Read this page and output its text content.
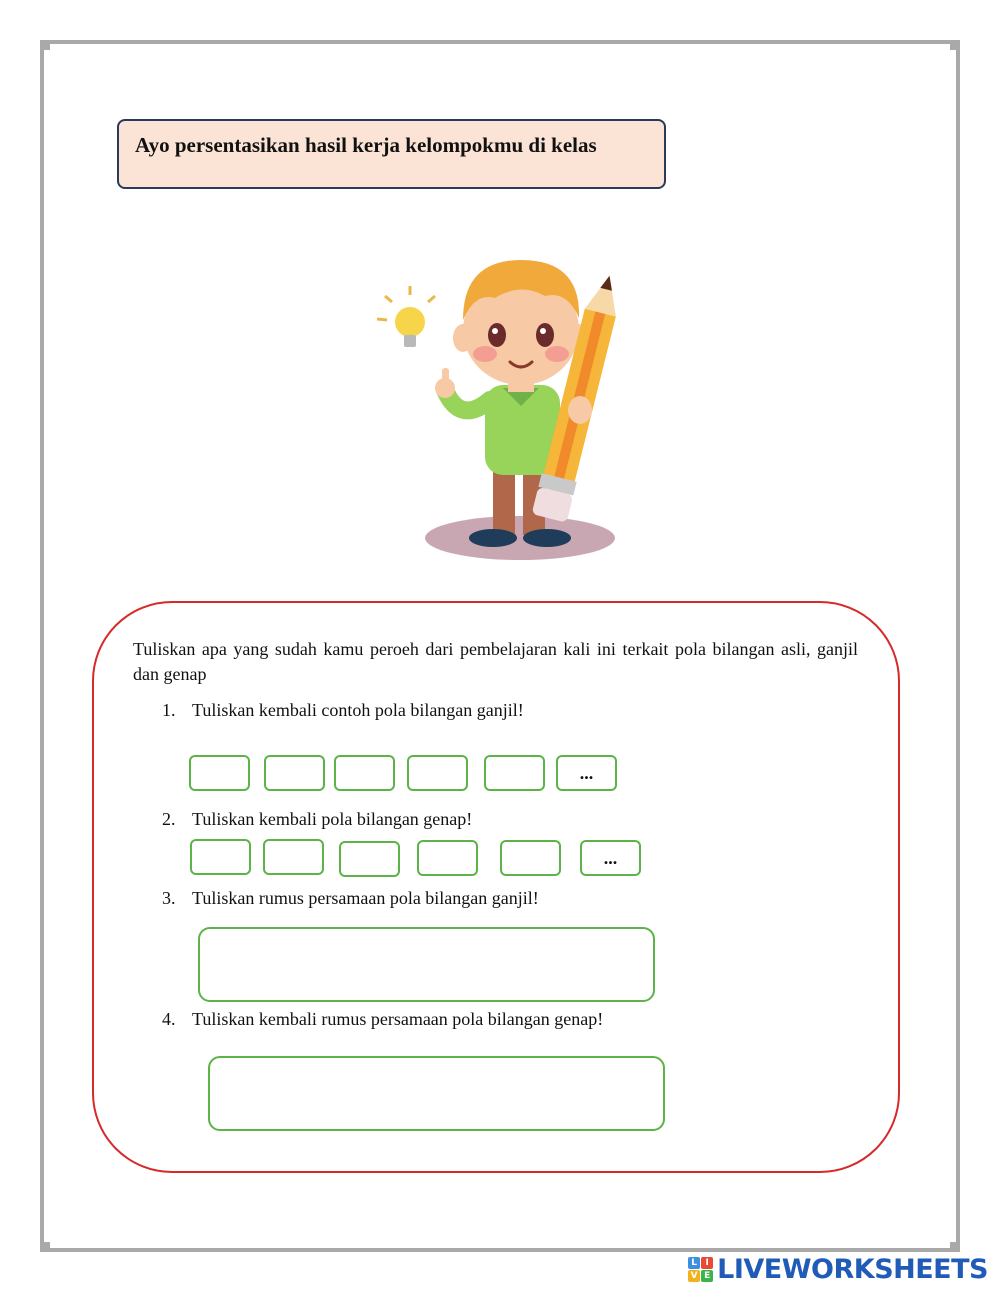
Ayo persentasikan hasil kerja kelompokmu di kelas
Tuliskan apa yang sudah kamu peroeh dari pembelajaran kali ini terkait pola bilangan asli, ganjil dan genap
1. Tuliskan kembali contoh pola bilangan ganjil!
...
2. Tuliskan kembali pola bilangan genap!
...
3. Tuliskan rumus persamaan pola bilangan ganjil!
4. Tuliskan kembali rumus persamaan pola bilangan genap!
L I
V E LIVEWORKSHEETS
